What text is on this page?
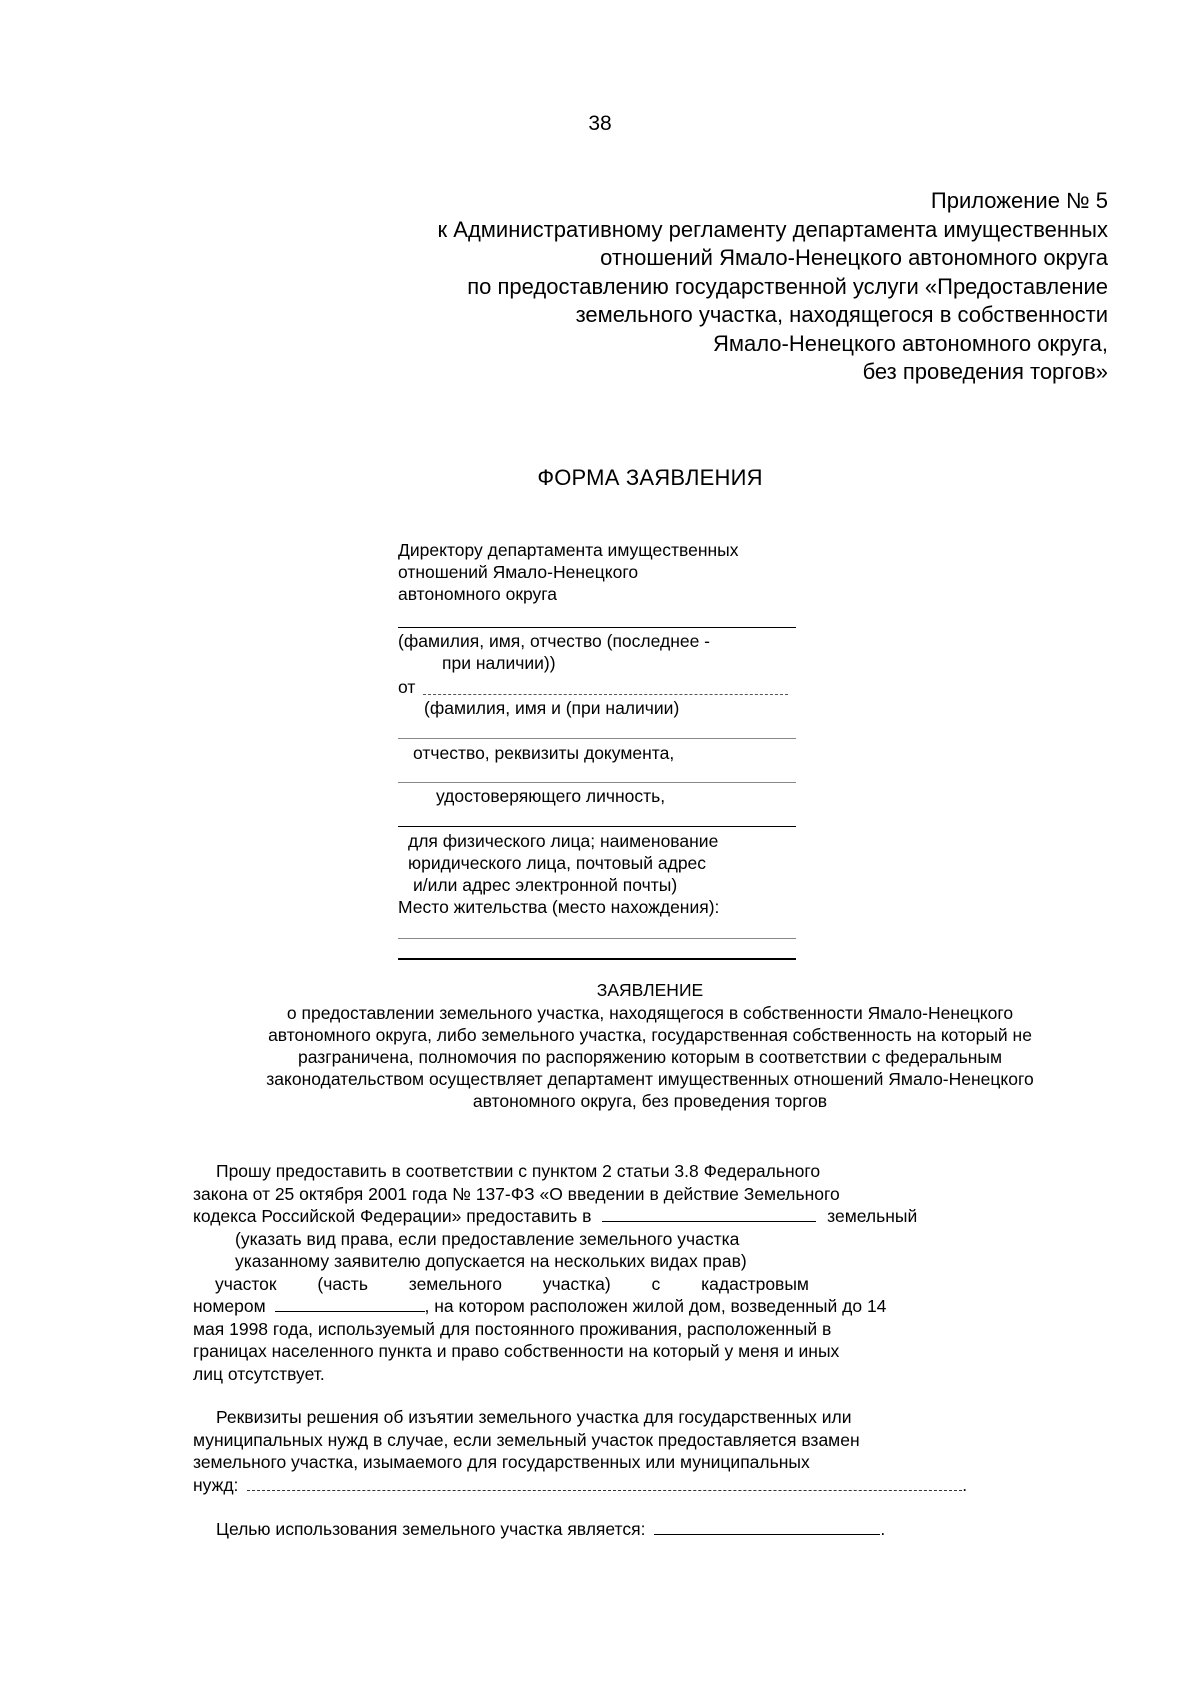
38
Приложение № 5
к Административному регламенту департамента имущественных
отношений Ямало-Ненецкого автономного округа
по предоставлению государственной услуги «Предоставление
земельного участка, находящегося в собственности
Ямало-Ненецкого автономного округа,
без проведения торгов»
ФОРМА ЗАЯВЛЕНИЯ
Директору департамента имущественных
отношений Ямало-Ненецкого
автономного округа
(фамилия, имя, отчество (последнее -
при наличии))
от
(фамилия, имя и (при наличии)
отчество, реквизиты документа,
удостоверяющего личность,
для физического лица; наименование
юридического лица, почтовый адрес
и/или адрес электронной почты)
Место жительства (место нахождения):
ЗАЯВЛЕНИЕ
о предоставлении земельного участка, находящегося в собственности Ямало-Ненецкого
автономного округа, либо земельного участка, государственная собственность на который не
разграничена, полномочия по распоряжению которым в соответствии с федеральным
законодательством осуществляет департамент имущественных отношений Ямало-Ненецкого
автономного округа, без проведения торгов
Прошу предоставить в соответствии с пунктом 2 статьи 3.8 Федерального
закона от 25 октября 2001 года № 137-ФЗ «О введении в действие Земельного
кодекса Российской Федерации» предоставить в	земельный
(указать вид права, если предоставление земельного участка
указанному заявителю допускается на нескольких видах прав)
участок (часть земельного участка) с кадастровым
номером	, на котором расположен жилой дом, возведенный до 14
мая 1998 года, используемый для постоянного проживания, расположенный в
границах населенного пункта и право собственности на который у меня и иных
лиц отсутствует.
Реквизиты решения об изъятии земельного участка для государственных или
муниципальных нужд в случае, если земельный участок предоставляется взамен
земельного участка, изымаемого для государственных или муниципальных
нужд:	.
Целью использования земельного участка является:	.
